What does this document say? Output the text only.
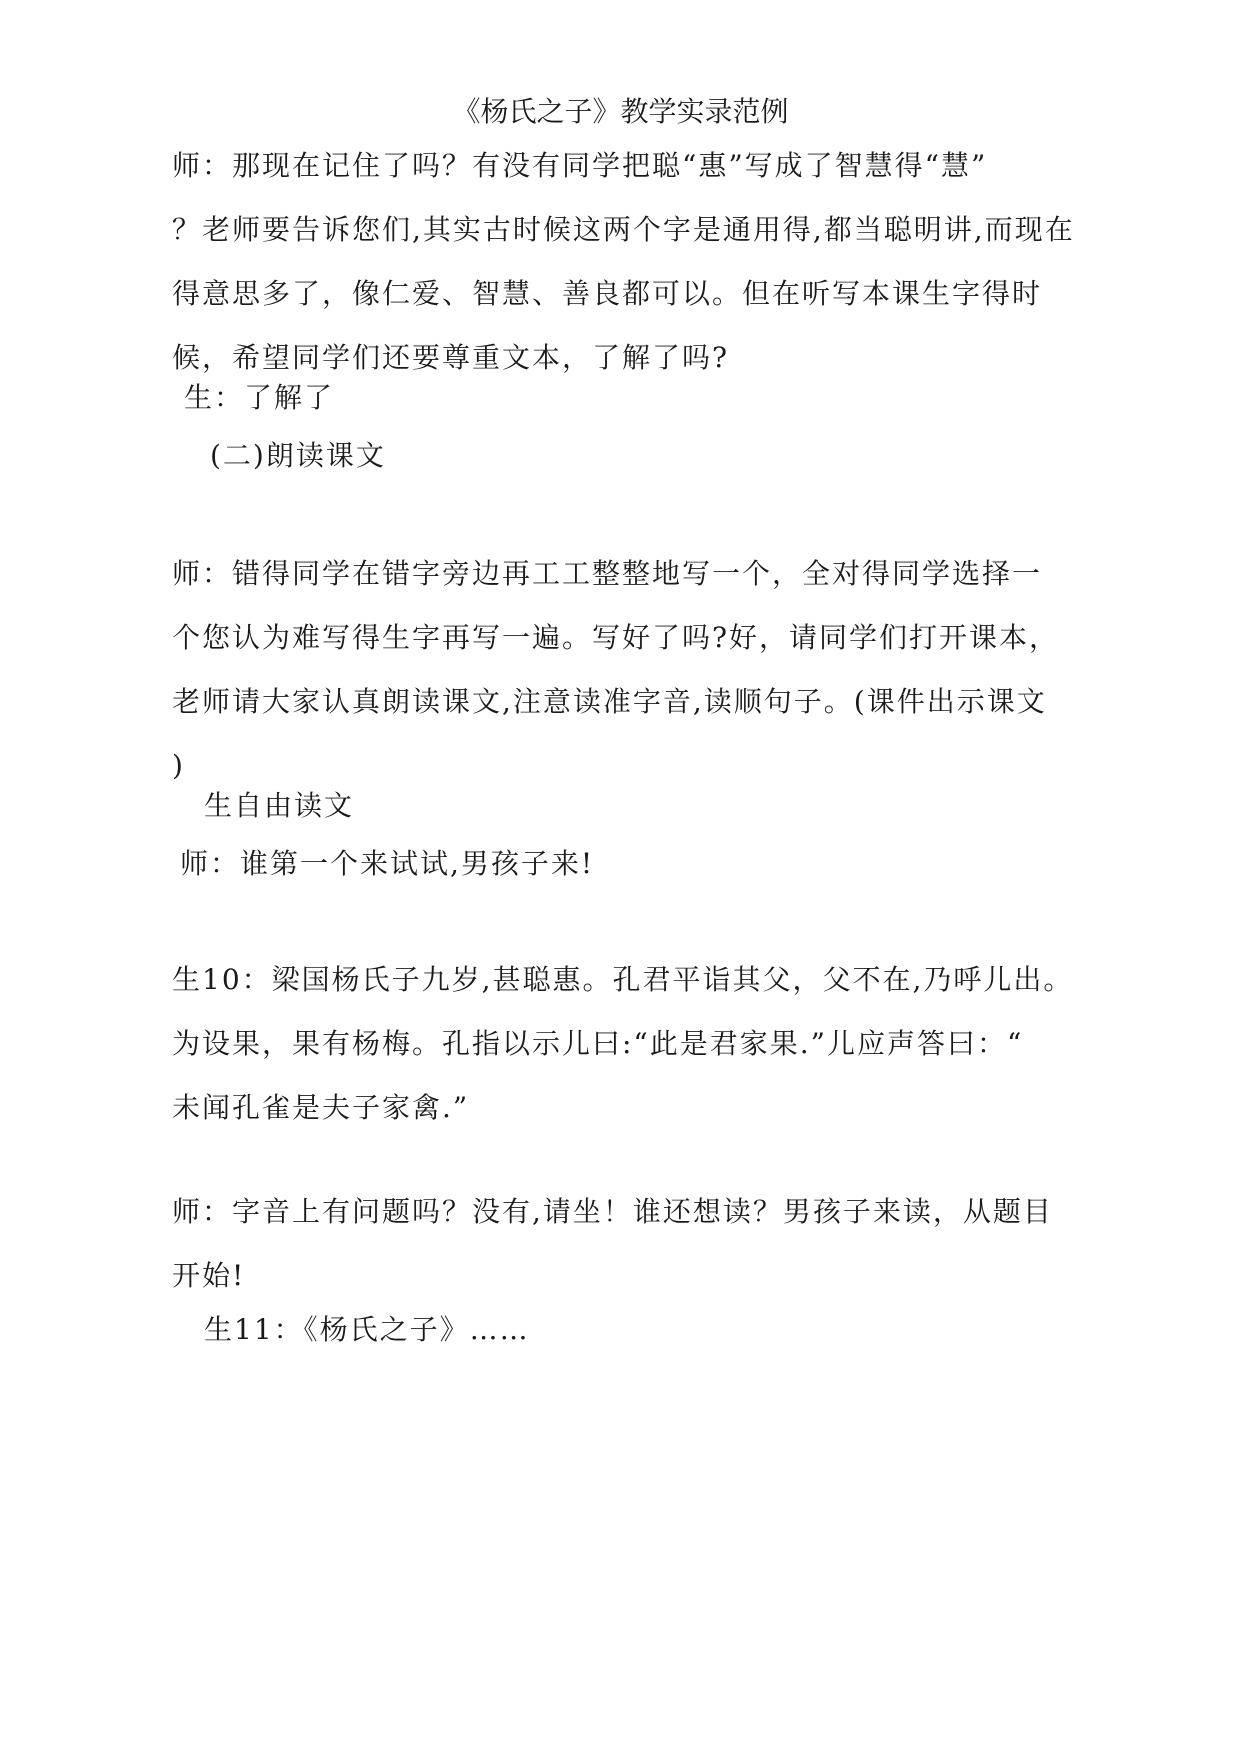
《杨氏之子》教学实录范例

师：那现在记住了吗？有没有同学把聪“惠”写成了智慧得“慧”
？老师要告诉您们,其实古时候这两个字是通用得,都当聪明讲,而现在
得意思多了，像仁爱、智慧、善良都可以。但在听写本课生字得时
候，希望同学们还要尊重文本，了解了吗?

生：了解了

(二)朗读课文

师：错得同学在错字旁边再工工整整地写一个，全对得同学选择一
个您认为难写得生字再写一遍。写好了吗?好，请同学们打开课本，
老师请大家认真朗读课文,注意读准字音,读顺句子。(课件出示课文
)

生自由读文

师：谁第一个来试试,男孩子来!

生10：梁国杨氏子九岁,甚聪惠。孔君平诣其父，父不在,乃呼儿出。
为设果，果有杨梅。孔指以示儿曰:“此是君家果.”儿应声答曰：“
未闻孔雀是夫子家禽.”

师：字音上有问题吗？没有,请坐！谁还想读？男孩子来读，从题目
开始!

生11：《杨氏之子》……
